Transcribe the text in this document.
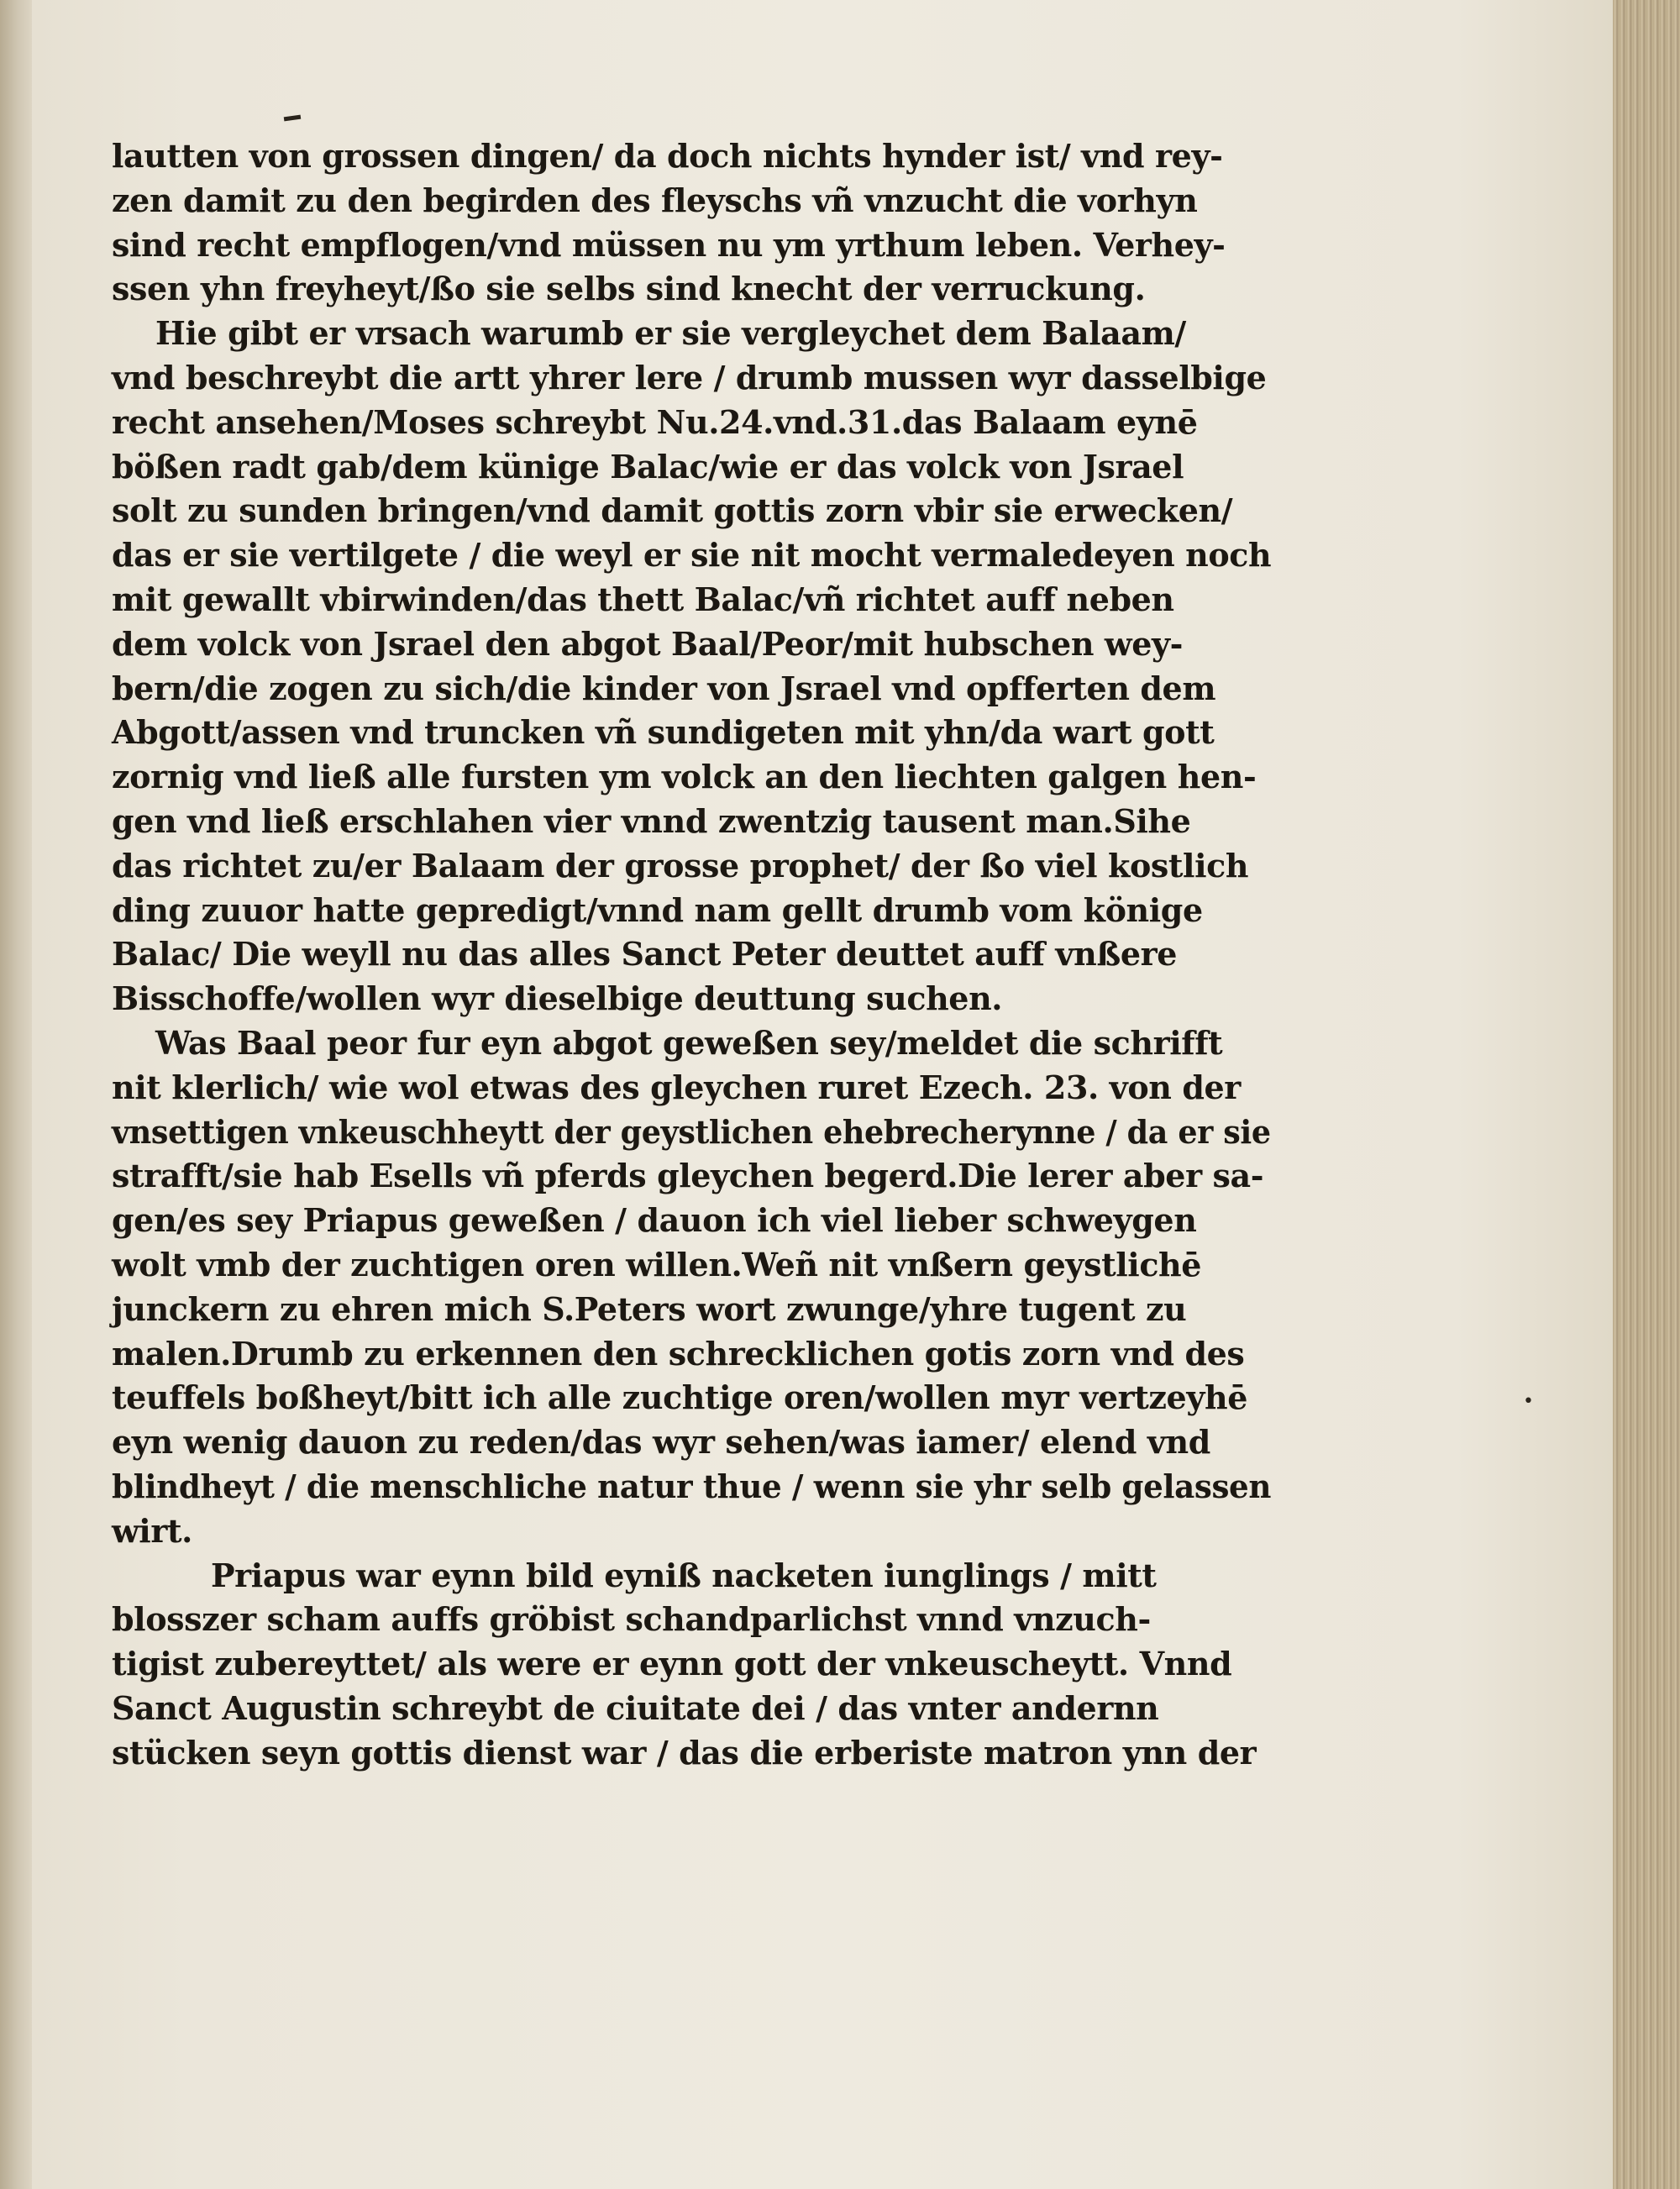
lautten von grossen dingen/ da doch nichts hynder ist/ vnd rey-
zen damit zu den begirden des fleyschs vñ vnzucht die vorhyn
sind recht empflogen/vnd müssen nu ym yrthum leben. Verhey-
ssen yhn freyheyt/ßo sie selbs sind knecht der verruckung.
Hie gibt er vrsach warumb er sie vergleychet dem Balaam/
vnd beschreybt die artt yhrer lere / drumb mussen wyr dasselbige
recht ansehen/Moses schreybt Nu.24.vnd.31.das Balaam eynē
bößen radt gab/dem künige Balac/wie er das volck von Jsrael
solt zu sunden bringen/vnd damit gottis zorn vbir sie erwecken/
das er sie vertilgete / die weyl er sie nit mocht vermaledeyen noch
mit gewallt vbirwinden/das thett Balac/vñ richtet auff neben
dem volck von Jsrael den abgot Baal/Peor/mit hubschen wey-
bern/die zogen zu sich/die kinder von Jsrael vnd opfferten dem
Abgott/assen vnd truncken vñ sundigeten mit yhn/da wart gott
zornig vnd ließ alle fursten ym volck an den liechten galgen hen-
gen vnd ließ erschlahen vier vnnd zwentzig tausent man.Sihe
das richtet zu/er Balaam der grosse prophet/ der ßo viel kostlich
ding zuuor hatte gepredigt/vnnd nam gellt drumb vom könige
Balac/ Die weyll nu das alles Sanct Peter deuttet auff vnßere
Bisschoffe/wollen wyr dieselbige deuttung suchen.
Was Baal peor fur eyn abgot geweßen sey/meldet die schrifft
nit klerlich/ wie wol etwas des gleychen ruret Ezech. 23. von der
vnsettigen vnkeuschheytt der geystlichen ehebrecherynne / da er sie
strafft/sie hab Esells vñ pferds gleychen begerd.Die lerer aber sa-
gen/es sey Priapus geweßen / dauon ich viel lieber schweygen
wolt vmb der zuchtigen oren willen.Weñ nit vnßern geystlichē
junckern zu ehren mich S.Peters wort zwunge/yhre tugent zu
malen.Drumb zu erkennen den schrecklichen gotis zorn vnd des
teuffels boßheyt/bitt ich alle zuchtige oren/wollen myr vertzeyhē
eyn wenig dauon zu reden/das wyr sehen/was iamer/ elend vnd
blindheyt / die menschliche natur thue / wenn sie yhr selb gelassen
wirt.
Priapus war eynn bild eyniß nacketen iunglings / mitt
blosszer scham auffs gröbist schandparlichst vnnd vnzuch-
tigist zubereyttet/ als were er eynn gott der vnkeuscheytt. Vnnd
Sanct Augustin schreybt de ciuitate dei / das vnter andernn
stücken seyn gottis dienst war / das die erberiste matron ynn der
•
